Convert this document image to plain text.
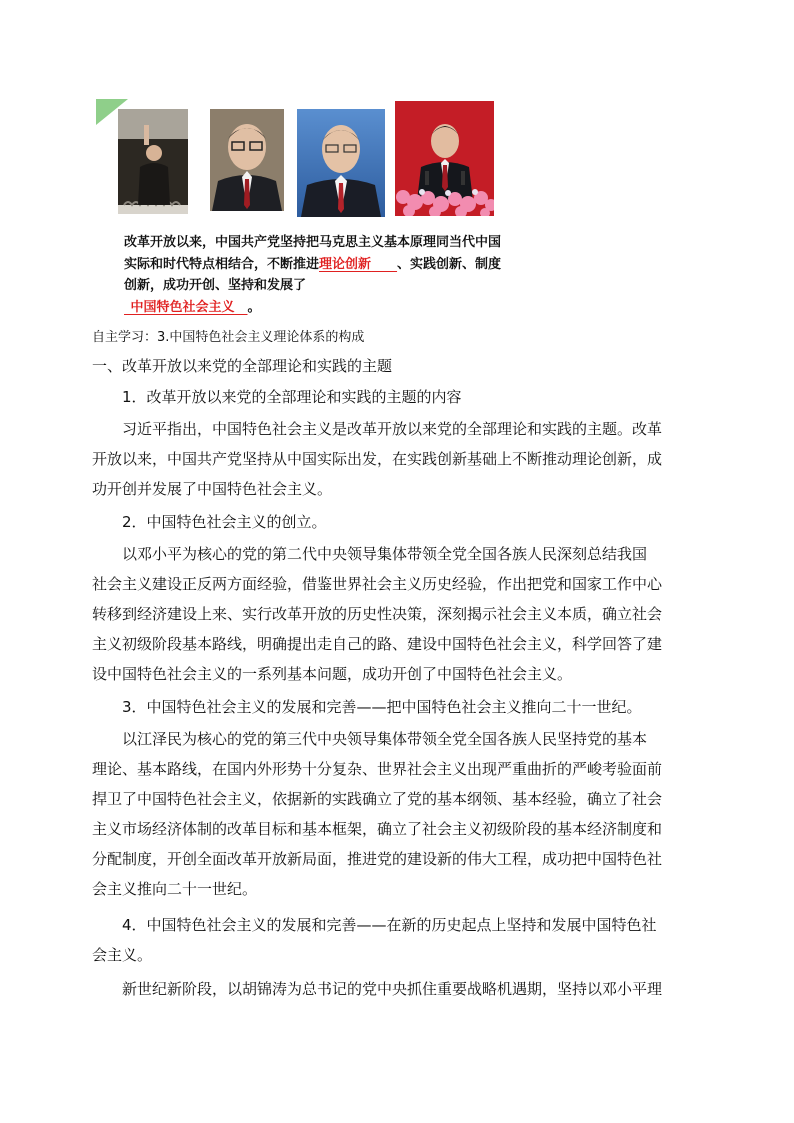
改革开放以来，中国共产党坚持把马克思主义基本原理同当代中国实际和时代特点相结合，不断推进理论创新　　 、实践创新、制度创新，成功开创、坚持和发展了
 中国特色社会主义   。
自主学习：3.中国特色社会主义理论体系的构成
一、改革开放以来党的全部理论和实践的主题
1．改革开放以来党的全部理论和实践的主题的内容

习近平指出，中国特色社会主义是改革开放以来党的全部理论和实践的主题。改革
开放以来，中国共产党坚持从中国实际出发，在实践创新基础上不断推动理论创新，成
功开创并发展了中国特色社会主义。

2．中国特色社会主义的创立。

以邓小平为核心的党的第二代中央领导集体带领全党全国各族人民深刻总结我国
社会主义建设正反两方面经验，借鉴世界社会主义历史经验，作出把党和国家工作中心
转移到经济建设上来、实行改革开放的历史性决策，深刻揭示社会主义本质，确立社会
主义初级阶段基本路线，明确提出走自己的路、建设中国特色社会主义，科学回答了建
设中国特色社会主义的一系列基本问题，成功开创了中国特色社会主义。

3．中国特色社会主义的发展和完善——把中国特色社会主义推向二十一世纪。

以江泽民为核心的党的第三代中央领导集体带领全党全国各族人民坚持党的基本
理论、基本路线，在国内外形势十分复杂、世界社会主义出现严重曲折的严峻考验面前
捍卫了中国特色社会主义，依据新的实践确立了党的基本纲领、基本经验，确立了社会
主义市场经济体制的改革目标和基本框架，确立了社会主义初级阶段的基本经济制度和
分配制度，开创全面改革开放新局面，推进党的建设新的伟大工程，成功把中国特色社
会主义推向二十一世纪。

4．中国特色社会主义的发展和完善——在新的历史起点上坚持和发展中国特色社
会主义。

新世纪新阶段，以胡锦涛为总书记的党中央抓住重要战略机遇期，坚持以邓小平理
